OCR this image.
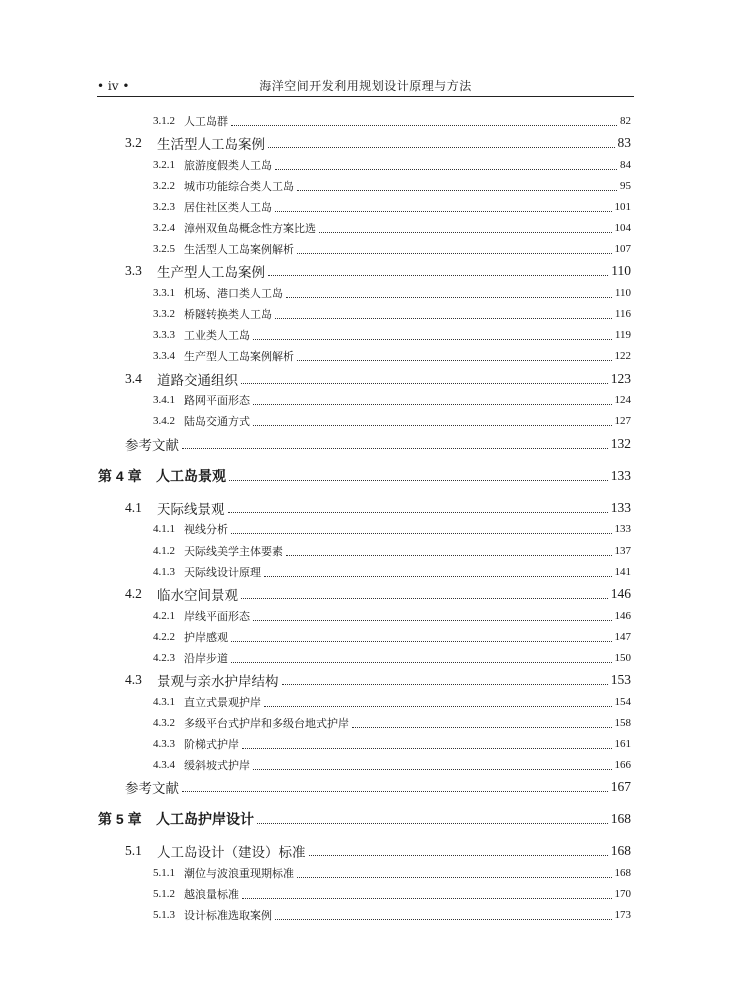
• iv •	海洋空间开发利用规划设计原理与方法
3.1.2 人工岛群	82
3.2	生活型人工岛案例	83
3.2.1 旅游度假类人工岛	84
3.2.2 城市功能综合类人工岛	95
3.2.3 居住社区类人工岛	101
3.2.4 漳州双鱼岛概念性方案比选	104
3.2.5 生活型人工岛案例解析	107
3.3	生产型人工岛案例	110
3.3.1 机场、港口类人工岛	110
3.3.2 桥隧转换类人工岛	116
3.3.3 工业类人工岛	119
3.3.4 生产型人工岛案例解析	122
3.4	道路交通组织	123
3.4.1 路网平面形态	124
3.4.2 陆岛交通方式	127
参考文献	132
第 4 章	人工岛景观	133
4.1	天际线景观	133
4.1.1 视线分析	133
4.1.2 天际线美学主体要素	137
4.1.3 天际线设计原理	141
4.2	临水空间景观	146
4.2.1 岸线平面形态	146
4.2.2 护岸感观	147
4.2.3 沿岸步道	150
4.3	景观与亲水护岸结构	153
4.3.1 直立式景观护岸	154
4.3.2 多级平台式护岸和多级台地式护岸	158
4.3.3 阶梯式护岸	161
4.3.4 缓斜坡式护岸	166
参考文献	167
第 5 章	人工岛护岸设计	168
5.1	人工岛设计（建设）标准	168
5.1.1 潮位与波浪重现期标准	168
5.1.2 越浪量标准	170
5.1.3 设计标准选取案例	173
